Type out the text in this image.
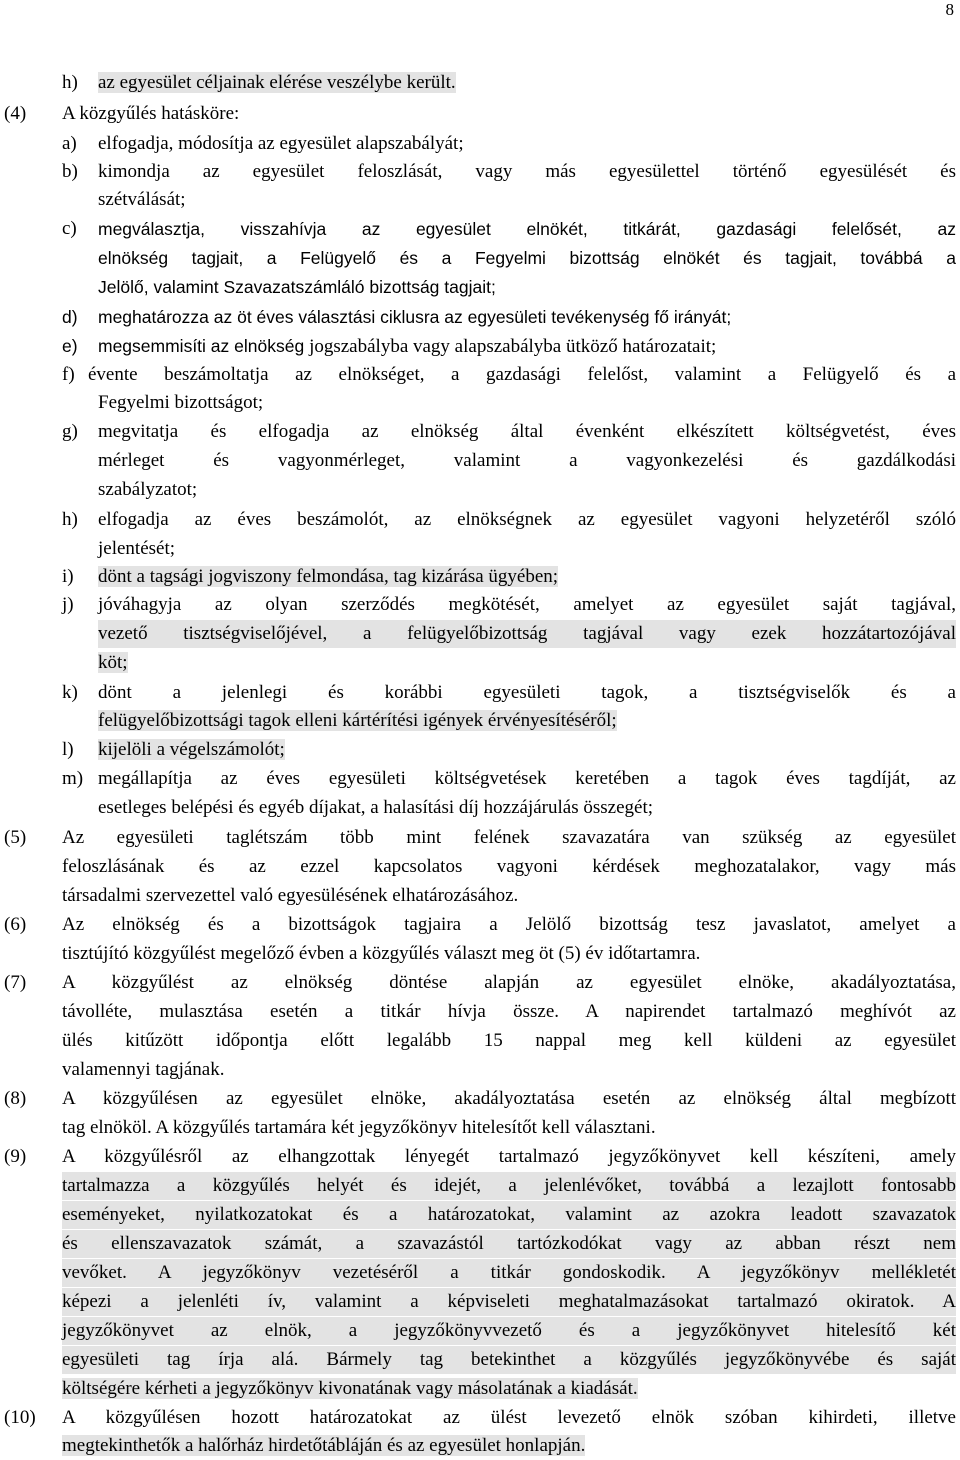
8
h) az egyesület céljainak elérése veszélybe került.
(4) A közgyűlés hatásköre:
a) elfogadja, módosítja az egyesület alapszabályát;
b) kimondja az egyesület feloszlását, vagy más egyesülettel történő egyesülését és
szétválását;
c) megválasztja, visszahívja az egyesület elnökét, titkárát, gazdasági felelősét, az
elnökség tagjait, a Felügyelő és a Fegyelmi bizottság elnökét és tagjait, továbbá a
Jelölő, valamint Szavazatszámláló bizottság tagjait;
d) meghatározza az öt éves választási ciklusra az egyesületi tevékenység fő irányát;
e) megsemmisíti az elnökség jogszabályba vagy alapszabályba ütköző határozatait;
f) évente beszámoltatja az elnökséget, a gazdasági felelőst, valamint a Felügyelő és a
Fegyelmi bizottságot;
g) megvitatja és elfogadja az elnökség által évenként elkészített költségvetést, éves
mérleget és vagyonmérleget, valamint a vagyonkezelési és gazdálkodási
szabályzatot;
h) elfogadja az éves beszámolót, az elnökségnek az egyesület vagyoni helyzetéről szóló
jelentését;
i) dönt a tagsági jogviszony felmondása, tag kizárása ügyében;
j) jóváhagyja az olyan szerződés megkötését, amelyet az egyesület saját tagjával,
vezető tisztségviselőjével, a felügyelőbizottság tagjával vagy ezek hozzátartozójával
köt;
k) dönt a jelenlegi és korábbi egyesületi tagok, a tisztségviselők és a
felügyelőbizottsági tagok elleni kártérítési igények érvényesítéséről;
l) kijelöli a végelszámolót;
m) megállapítja az éves egyesületi költségvetések keretében a tagok éves tagdíját, az
esetleges belépési és egyéb díjakat, a halasítási díj hozzájárulás összegét;
(5) Az egyesületi taglétszám több mint felének szavazatára van szükség az egyesület
feloszlásának és az ezzel kapcsolatos vagyoni kérdések meghozatalakor, vagy más
társadalmi szervezettel való egyesülésének elhatározásához.
(6) Az elnökség és a bizottságok tagjaira a Jelölő bizottság tesz javaslatot, amelyet a
tisztújító közgyűlést megelőző évben a közgyűlés választ meg öt (5) év időtartamra.
(7) A közgyűlést az elnökség döntése alapján az egyesület elnöke, akadályoztatása,
távolléte, mulasztása esetén a titkár hívja össze. A napirendet tartalmazó meghívót az
ülés kitűzött időpontja előtt legalább 15 nappal meg kell küldeni az egyesület
valamennyi tagjának.
(8) A közgyűlésen az egyesület elnöke, akadályoztatása esetén az elnökség által megbízott
tag elnököl. A közgyűlés tartamára két jegyzőkönyv hitelesítőt kell választani.
(9) A közgyűlésről az elhangzottak lényegét tartalmazó jegyzőkönyvet kell készíteni, amely
tartalmazza a közgyűlés helyét és idejét, a jelenlévőket, továbbá a lezajlott fontosabb
eseményeket, nyilatkozatokat és a határozatokat, valamint az azokra leadott szavazatok
és ellenszavazatok számát, a szavazástól tartózkodókat vagy az abban részt nem
vevőket. A jegyzőkönyv vezetéséről a titkár gondoskodik. A jegyzőkönyv mellékletét
képezi a jelenléti ív, valamint a képviseleti meghatalmazásokat tartalmazó okiratok. A
jegyzőkönyvet az elnök, a jegyzőkönyvvezető és a jegyzőkönyvet hitelesítő két
egyesületi tag írja alá. Bármely tag betekinthet a közgyűlés jegyzőkönyvébe és saját
költségére kérheti a jegyzőkönyv kivonatának vagy másolatának a kiadását.
(10) A közgyűlésen hozott határozatokat az ülést levezető elnök szóban kihirdeti, illetve
megtekinthetők a halőrház hirdetőtábláján és az egyesület honlapján.
